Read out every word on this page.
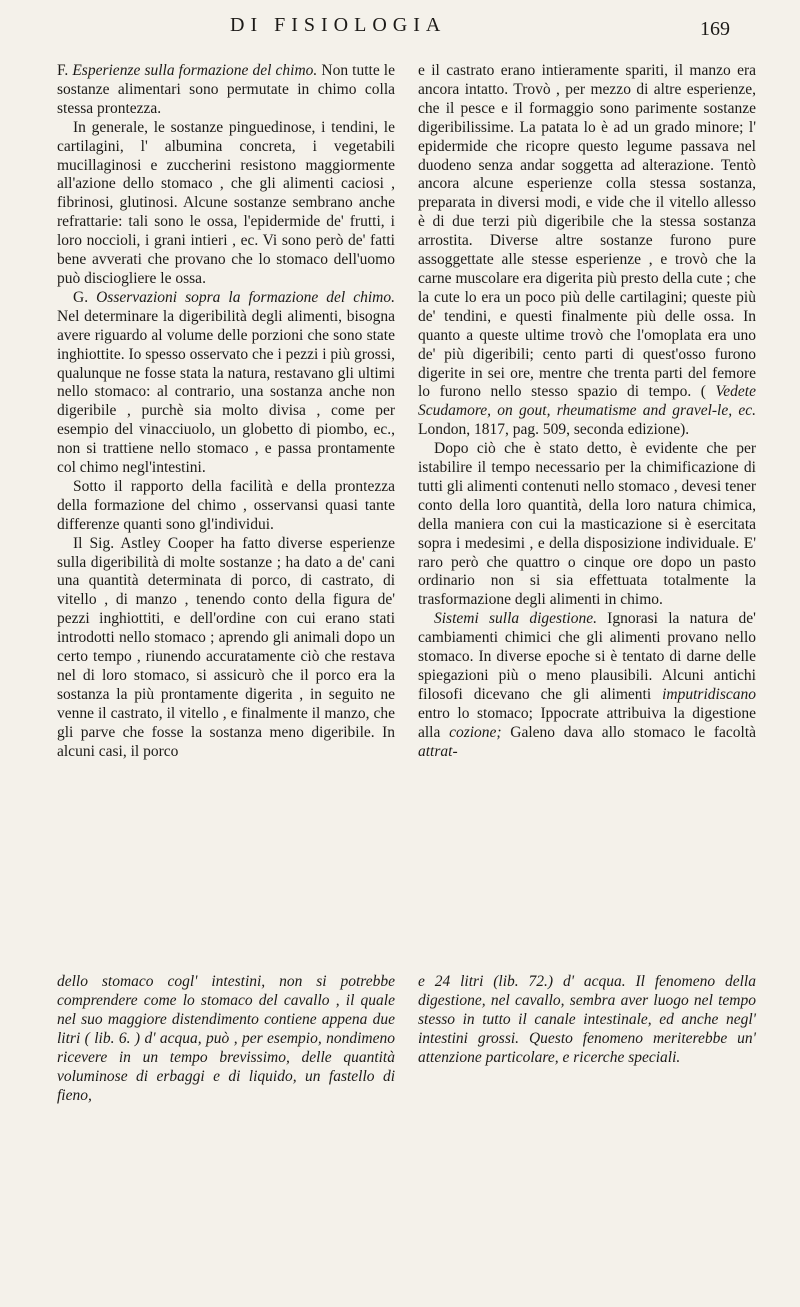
DI FISIOLOGIA	169

F. Esperienze sulla formazione del chimo. Non tutte le sostanze alimentari sono permutate in chimo colla stessa prontezza.

In generale, le sostanze pinguedinose, i tendini, le cartilagini, l' albumina concreta, i vegetabili mucillaginosi e zuccherini resistono maggiormente all'azione dello stomaco , che gli alimenti caciosi , fibrinosi, glutinosi. Alcune sostanze sembrano anche refrattarie: tali sono le ossa, l'epidermide de' frutti, i loro noccioli, i grani intieri , ec. Vi sono però de' fatti bene avverati che provano che lo stomaco dell'uomo può disciogliere le ossa.

G. Osservazioni sopra la formazione del chimo. Nel determinare la digeribilità degli alimenti, bisogna avere riguardo al volume delle porzioni che sono state inghiottite. Io spesso osservato che i pezzi i più grossi, qualunque ne fosse stata la natura, restavano gli ultimi nello stomaco: al contrario, una sostanza anche non digeribile , purchè sia molto divisa , come per esempio del vinacciuolo, un globetto di piombo, ec., non si trattiene nello stomaco , e passa prontamente col chimo negl'intestini.

Sotto il rapporto della facilità e della prontezza della formazione del chimo , osservansi quasi tante differenze quanti sono gl'individui.

Il Sig. Astley Cooper ha fatto diverse esperienze sulla digeribilità di molte sostanze ; ha dato a de' cani una quantità determinata di porco, di castrato, di vitello , di manzo , tenendo conto della figura de' pezzi inghiottiti, e dell'ordine con cui erano stati introdotti nello stomaco ; aprendo gli animali dopo un certo tempo , riunendo accuratamente ciò che restava nel di loro stomaco, si assicurò che il porco era la sostanza la più prontamente digerita , in seguito ne venne il castrato, il vitello , e finalmente il manzo, che gli parve che fosse la sostanza meno digeribile. In alcuni casi, il porco

e il castrato erano intieramente spariti, il manzo era ancora intatto. Trovò , per mezzo di altre esperienze, che il pesce e il formaggio sono parimente sostanze digeribilissime. La patata lo è ad un grado minore; l' epidermide che ricopre questo legume passava nel duodeno senza andar soggetta ad alterazione. Tentò ancora alcune esperienze colla stessa sostanza, preparata in diversi modi, e vide che il vitello allesso è di due terzi più digeribile che la stessa sostanza arrostita. Diverse altre sostanze furono pure assoggettate alle stesse esperienze , e trovò che la carne muscolare era digerita più presto della cute ; che la cute lo era un poco più delle cartilagini; queste più de' tendini, e questi finalmente più delle ossa. In quanto a queste ultime trovò che l'omoplata era uno de' più digeribili; cento parti di quest'osso furono digerite in sei ore, mentre che trenta parti del femore lo furono nello stesso spazio di tempo. ( Vedete Scudamore, on gout, rheumatisme and gravel-le, ec. London, 1817, pag. 509, seconda edizione).

Dopo ciò che è stato detto, è evidente che per istabilire il tempo necessario per la chimificazione di tutti gli alimenti contenuti nello stomaco , devesi tener conto della loro quantità, della loro natura chimica, della maniera con cui la masticazione si è esercitata sopra i medesimi , e della disposizione individuale. E' raro però che quattro o cinque ore dopo un pasto ordinario non si sia effettuata totalmente la trasformazione degli alimenti in chimo.

Sistemi sulla digestione. Ignorasi la natura de' cambiamenti chimici che gli alimenti provano nello stomaco. In diverse epoche si è tentato di darne delle spiegazioni più o meno plausibili. Alcuni antichi filosofi dicevano che gli alimenti imputridiscano entro lo stomaco; Ippocrate attribuiva la digestione alla cozione; Galeno dava allo stomaco le facoltà attrat-

dello stomaco cogl' intestini, non si potrebbe comprendere come lo stomaco del cavallo , il quale nel suo maggiore distendimento contiene appena due litri ( lib. 6. ) d' acqua, può , per esempio, nondimeno ricevere in un tempo brevissimo, delle quantità voluminose di erbaggi e di liquido, un fastello di fieno,

e 24 litri (lib. 72.) d' acqua. Il fenomeno della digestione, nel cavallo, sembra aver luogo nel tempo stesso in tutto il canale intestinale, ed anche negl' intestini grossi. Questo fenomeno meriterebbe un' attenzione particolare, e ricerche speciali.
